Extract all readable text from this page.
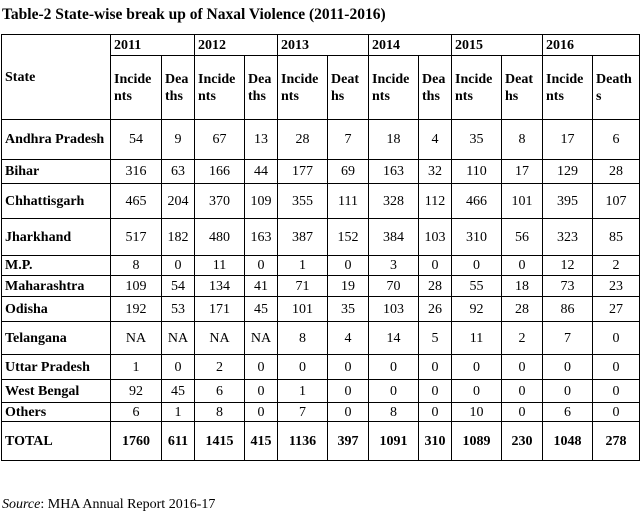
Table-2 State-wise break up of Naxal Violence (2011-2016)
State	2011		2012		2013		2014		2015		2016	
	Incidents	Deaths	Incidents	Deaths	Incidents	Deaths	Incidents	Deaths	Incidents	Deaths	Incidents	Deaths
Andhra Pradesh	54	9	67	13	28	7	18	4	35	8	17	6
Bihar	316	63	166	44	177	69	163	32	110	17	129	28
Chhattisgarh	465	204	370	109	355	111	328	112	466	101	395	107
Jharkhand	517	182	480	163	387	152	384	103	310	56	323	85
M.P.	8	0	11	0	1	0	3	0	0	0	12	2
Maharashtra	109	54	134	41	71	19	70	28	55	18	73	23
Odisha	192	53	171	45	101	35	103	26	92	28	86	27
Telangana	NA	NA	NA	NA	8	4	14	5	11	2	7	0
Uttar Pradesh	1	0	2	0	0	0	0	0	0	0	0	0
West Bengal	92	45	6	0	1	0	0	0	0	0	0	0
Others	6	1	8	0	7	0	8	0	10	0	6	0
TOTAL	1760	611	1415	415	1136	397	1091	310	1089	230	1048	278
Source: MHA Annual Report 2016-17
